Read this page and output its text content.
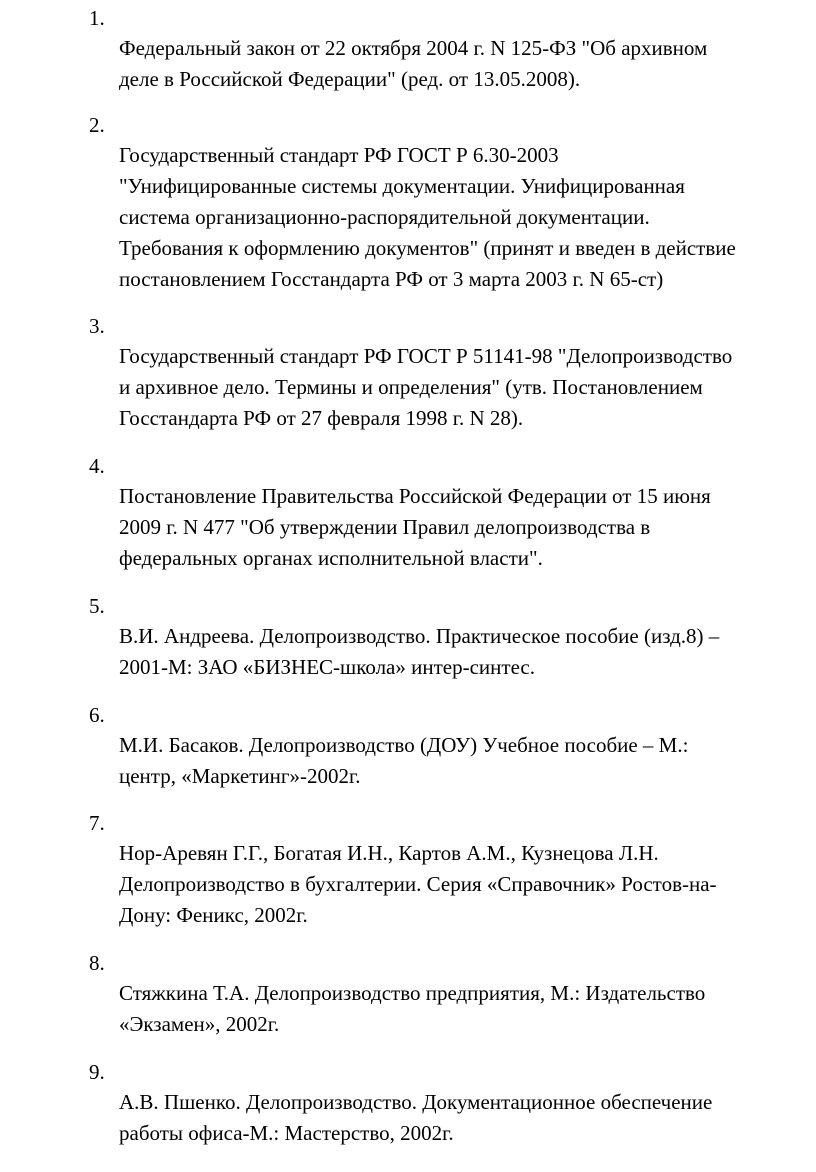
1.
Федеральный закон от 22 октября 2004 г. N 125-ФЗ "Об архивном
деле в Российской Федерации" (ред. от 13.05.2008).
2.
Государственный стандарт РФ ГОСТ Р 6.30-2003
"Унифицированные системы документации. Унифицированная
система организационно-распорядительной документации.
Требования к оформлению документов" (принят и введен в действие
постановлением Госстандарта РФ от 3 марта 2003 г. N 65-ст)
3.
Государственный стандарт РФ ГОСТ Р 51141-98 "Делопроизводство
и архивное дело. Термины и определения" (утв. Постановлением
Госстандарта РФ от 27 февраля 1998 г. N 28).
4.
Постановление Правительства Российской Федерации от 15 июня
2009 г. N 477 "Об утверждении Правил делопроизводства в
федеральных органах исполнительной власти".
5.
В.И. Андреева. Делопроизводство. Практическое пособие (изд.8) –
2001-М: ЗАО «БИЗНЕС-школа» интер-синтес.
6.
М.И. Басаков. Делопроизводство (ДОУ) Учебное пособие – М.:
центр, «Маркетинг»-2002г.
7.
Нор-Аревян Г.Г., Богатая И.Н., Картов А.М., Кузнецова Л.Н.
Делопроизводство в бухгалтерии. Серия «Справочник» Ростов-на-
Дону: Феникс, 2002г.
8.
Стяжкина Т.А. Делопроизводство предприятия, М.: Издательство
«Экзамен», 2002г.
9.
А.В. Пшенко. Делопроизводство. Документационное обеспечение
работы офиса-М.: Мастерство, 2002г.
